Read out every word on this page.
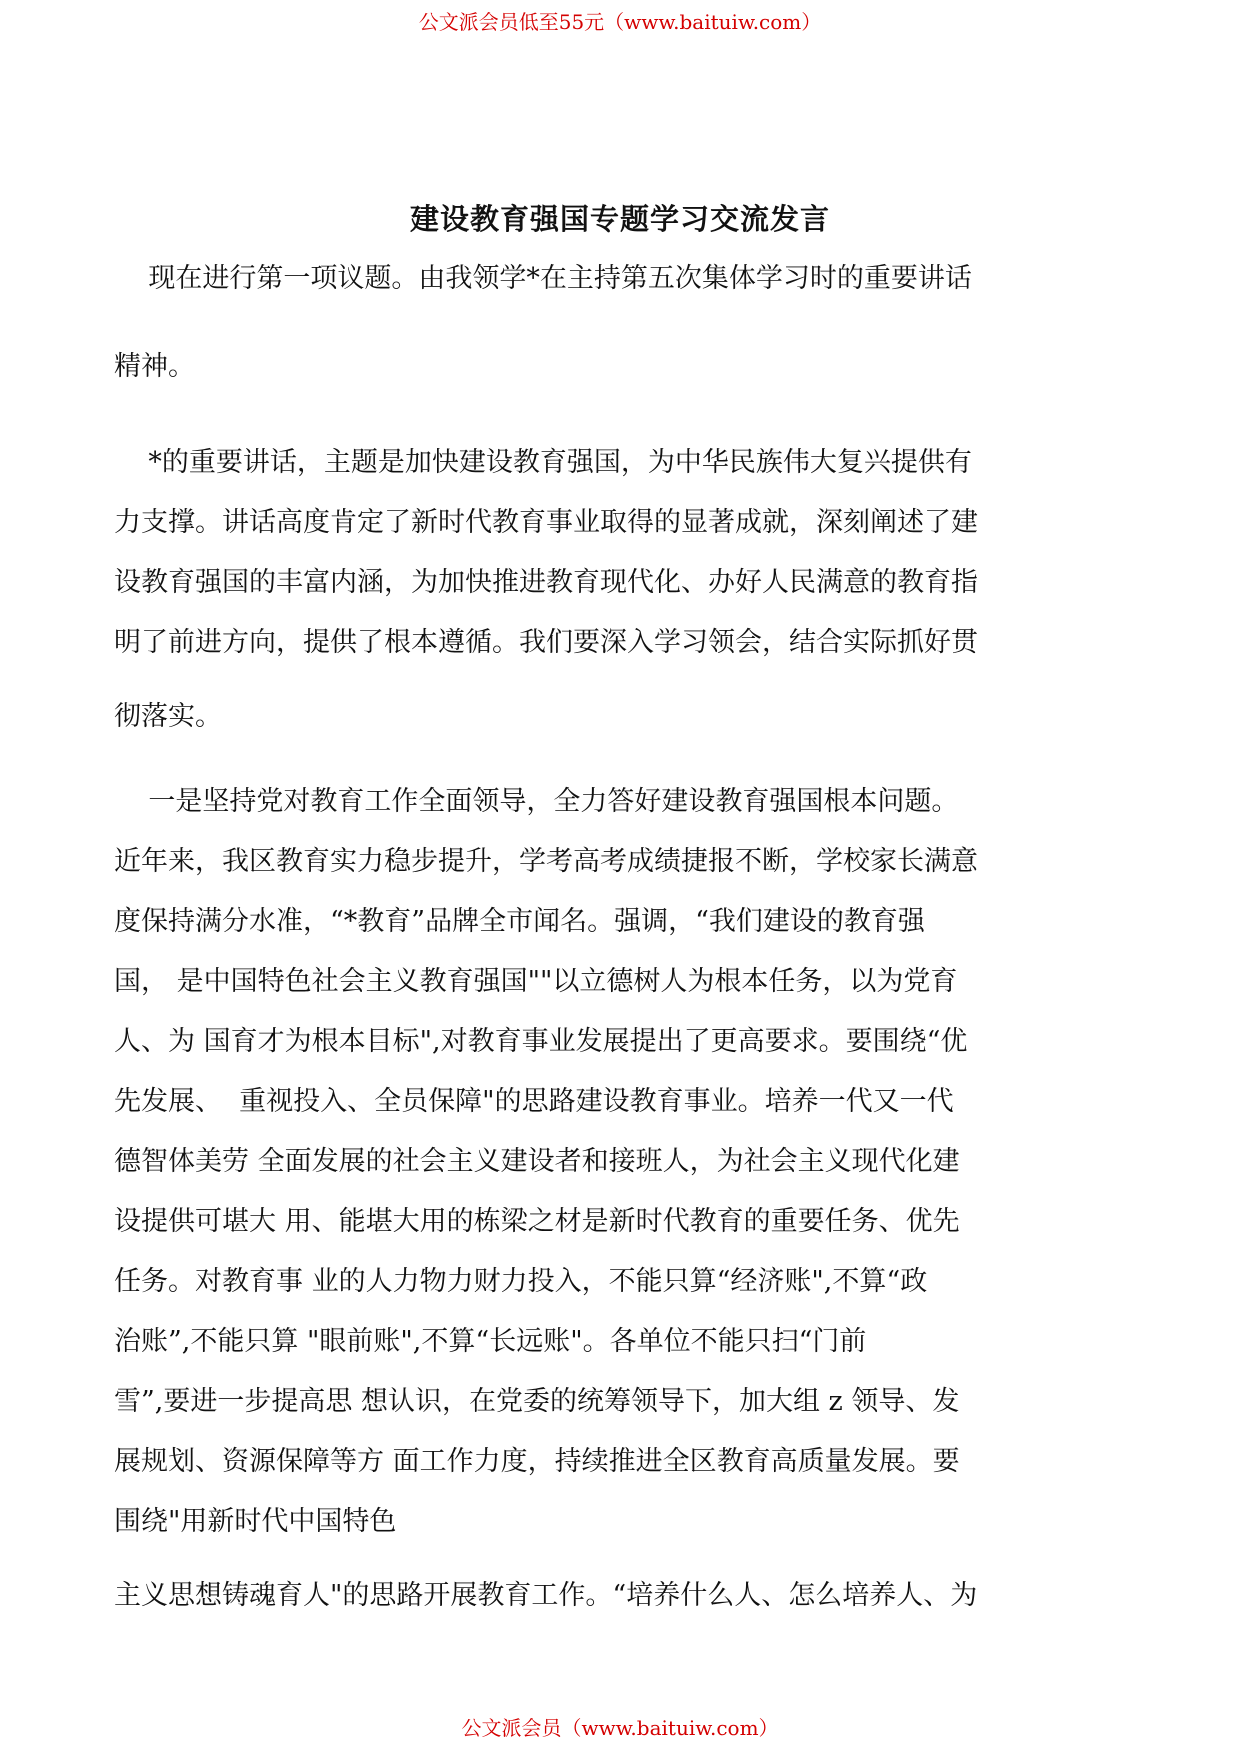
公文派会员低至55元（www.baituiw.com）
建设教育强国专题学习交流发言
现在进行第一项议题。由我领学*在主持第五次集体学习时的重要讲话
精神。
*的重要讲话，主题是加快建设教育强国，为中华民族伟大复兴提供有
力支撑。讲话高度肯定了新时代教育事业取得的显著成就，深刻阐述了建
设教育强国的丰富内涵，为加快推进教育现代化、办好人民满意的教育指
明了前进方向，提供了根本遵循。我们要深入学习领会，结合实际抓好贯
彻落实。
一是坚持党对教育工作全面领导，全力答好建设教育强国根本问题。
近年来，我区教育实力稳步提升，学考高考成绩捷报不断，学校家长满意
度保持满分水准，“*教育”品牌全市闻名。强调，“我们建设的教育强
国， 是中国特色社会主义教育强国""以立德树人为根本任务，以为党育
人、为 国育才为根本目标",对教育事业发展提出了更高要求。要围绕“优
先发展、  重视投入、全员保障"的思路建设教育事业。培养一代又一代
德智体美劳 全面发展的社会主义建设者和接班人，为社会主义现代化建
设提供可堪大 用、能堪大用的栋梁之材是新时代教育的重要任务、优先
任务。对教育事 业的人力物力财力投入，不能只算“经济账",不算“政
治账”,不能只算 "眼前账",不算“长远账"。各单位不能只扫“门前
雪”,要进一步提高思 想认识，在党委的统筹领导下，加大组 z 领导、发
展规划、资源保障等方 面工作力度，持续推进全区教育高质量发展。要
围绕"用新时代中国特色
主义思想铸魂育人"的思路开展教育工作。“培养什么人、怎么培养人、为
公文派会员（www.baituiw.com）
